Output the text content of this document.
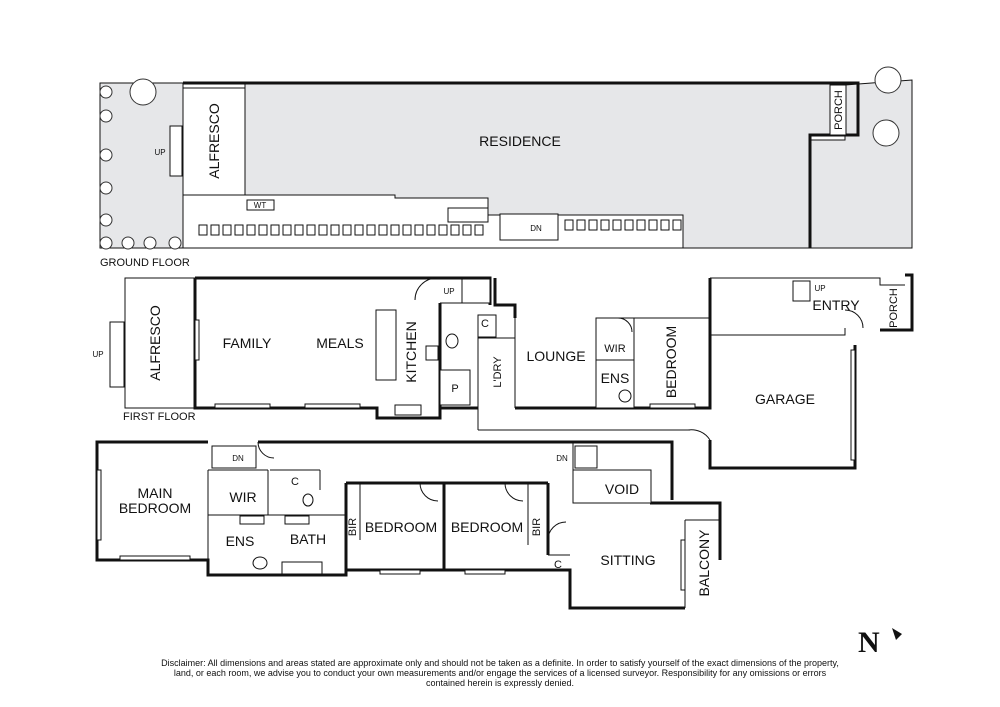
RESIDENCE
ALFRESCO	PORCH
WT
UP
DN
GROUND FLOOR
ALFRESCO
UP
FAMILY	MEALS	KITCHEN
P
C
UP
L'DRY
LOUNGE WIR
ENS BEDROOM
GARAGE
ENTRY
UP	PORCH
FIRST FLOOR
MAIN
BEDROOM
DN	DN
WIR
C
ENS	BATH
BIR BEDROOM BEDROOM BIR
VOID
SITTING
C	BALCONY
N

Disclaimer: All dimensions and areas stated are approximate only and should not be taken as a definite. In order to satisfy yourself of the exact dimensions of the property, land, or each room, we advise you to conduct your own measurements and/or engage the services of a licensed surveyor. Responsibility for any omissions or errors contained herein is expressly denied.
